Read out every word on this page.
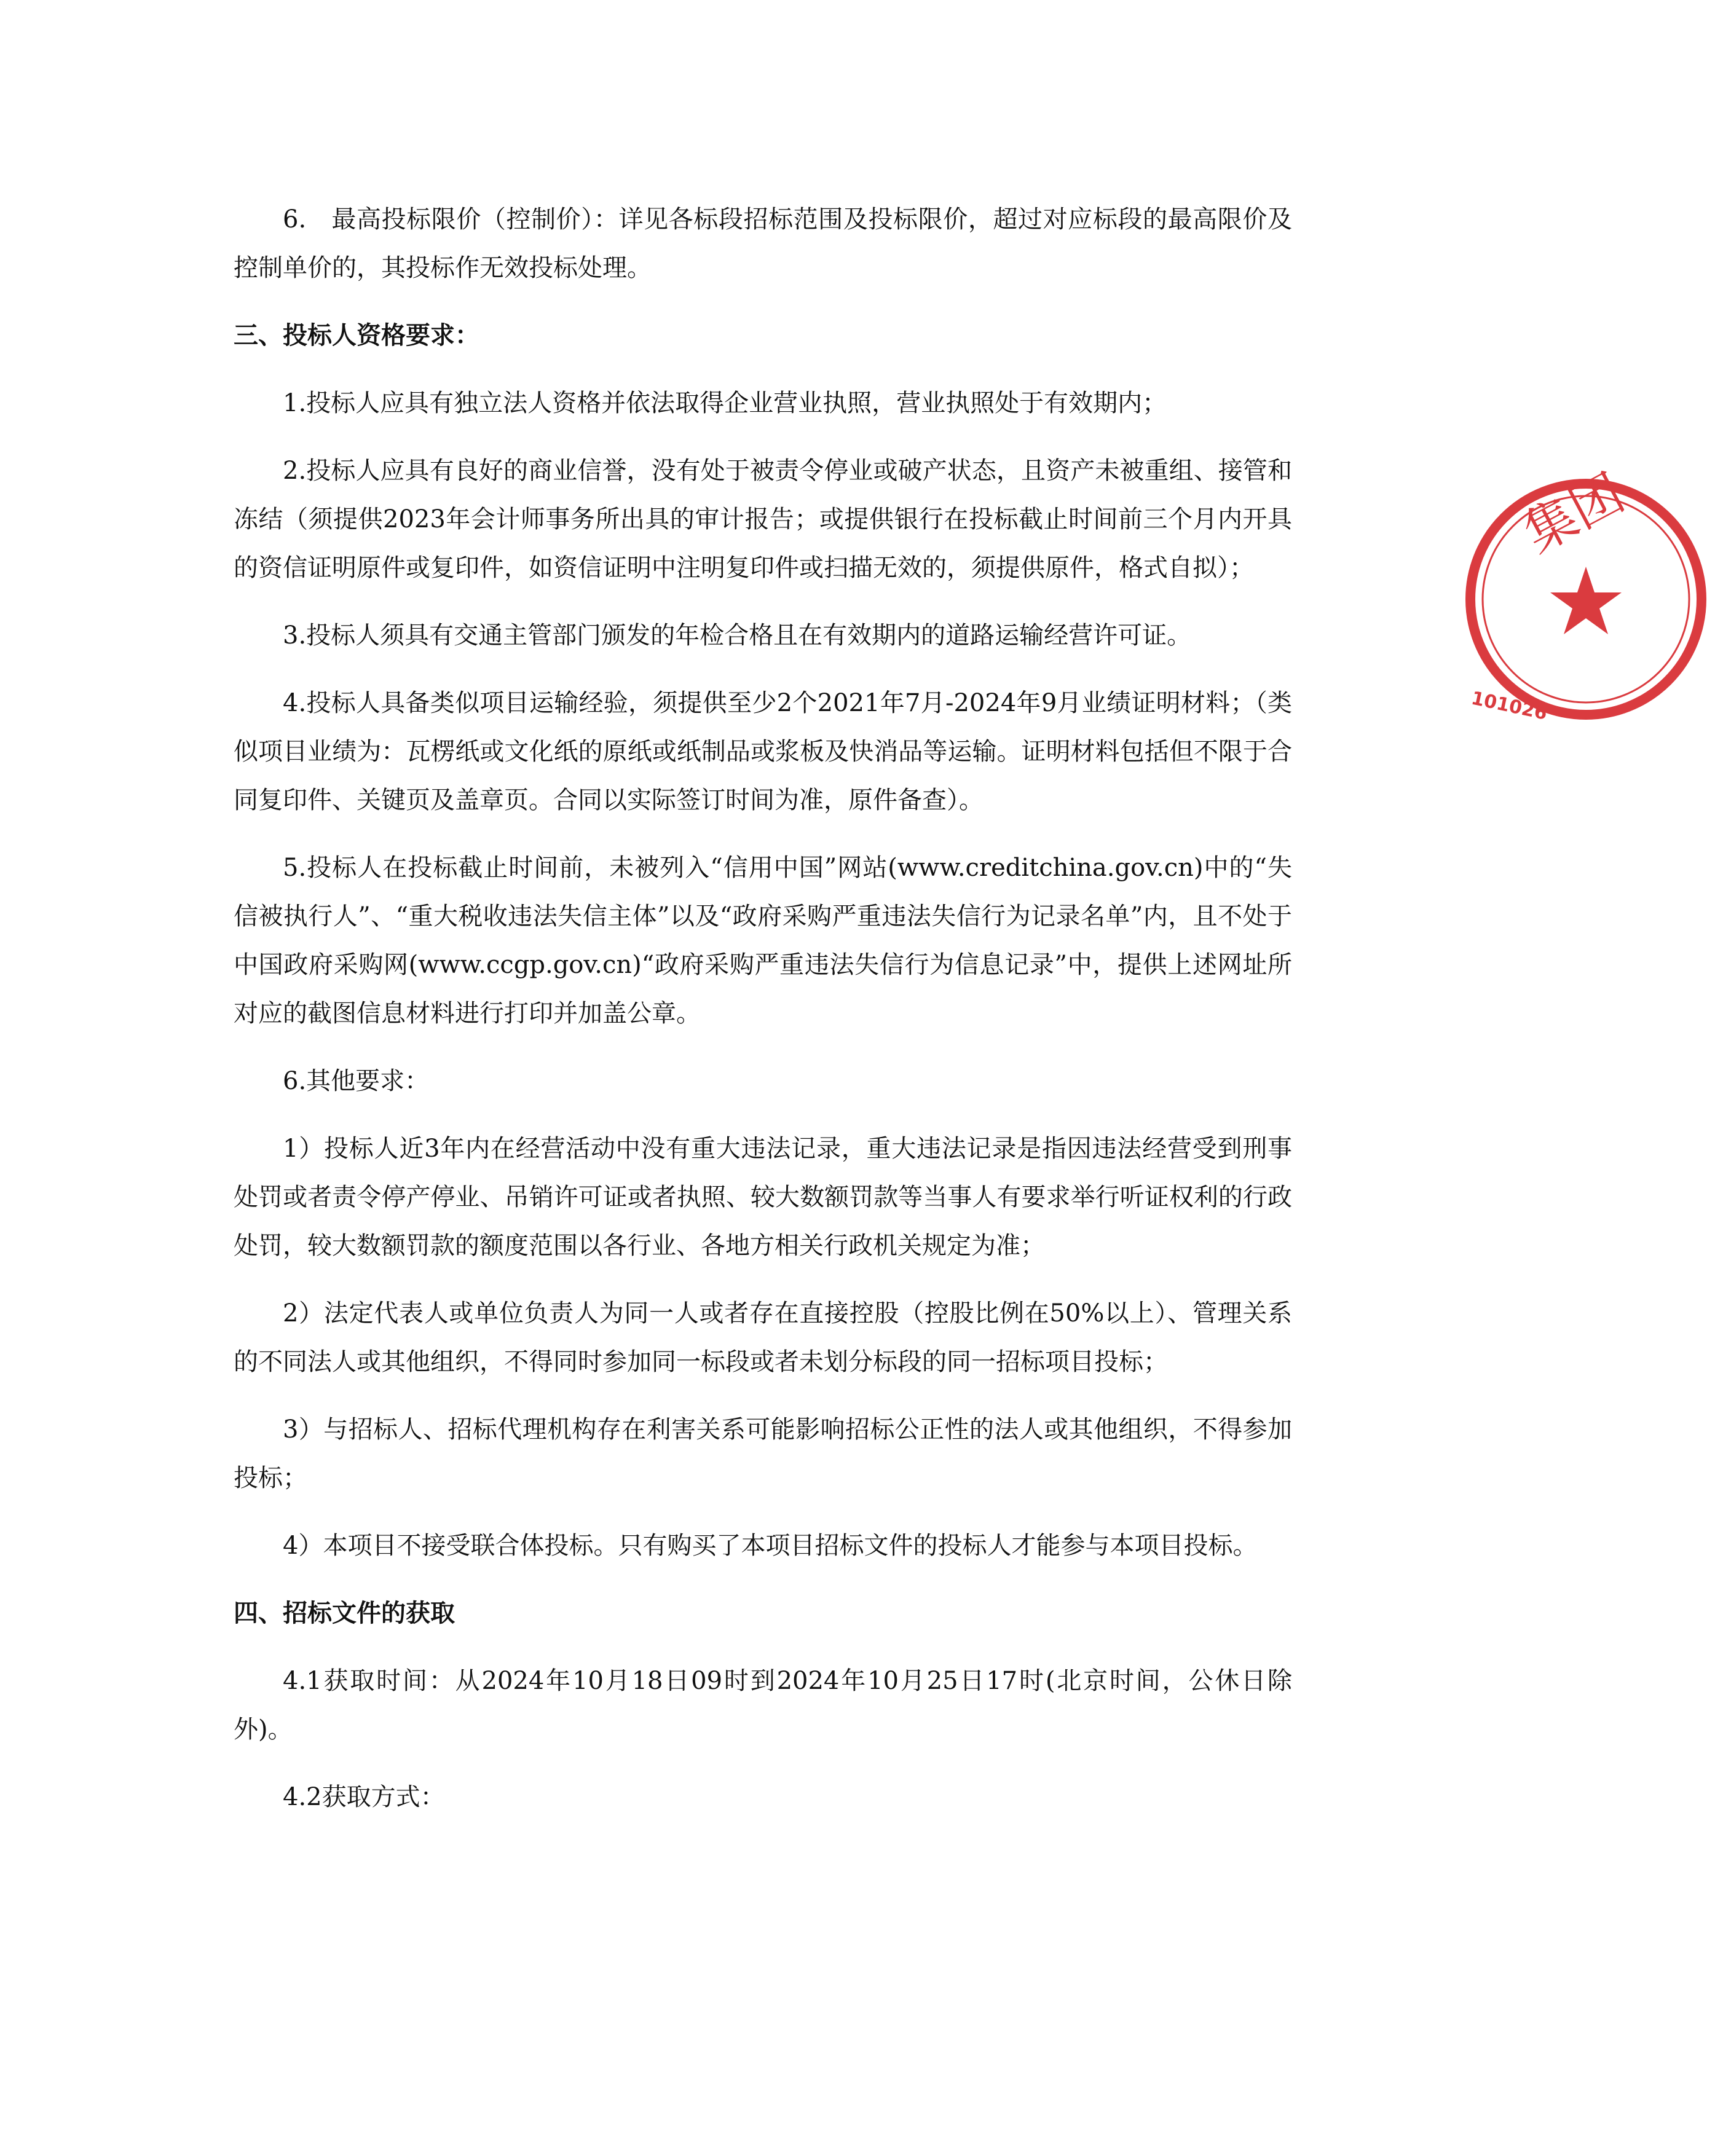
6.　最高投标限价（控制价）：详见各标段招标范围及投标限价，超过对应标段的最高限价及控制单价的，其投标作无效投标处理。

三、投标人资格要求：

1.投标人应具有独立法人资格并依法取得企业营业执照，营业执照处于有效期内；

2.投标人应具有良好的商业信誉，没有处于被责令停业或破产状态，且资产未被重组、接管和冻结（须提供2023年会计师事务所出具的审计报告；或提供银行在投标截止时间前三个月内开具的资信证明原件或复印件，如资信证明中注明复印件或扫描无效的，须提供原件，格式自拟）；

3.投标人须具有交通主管部门颁发的年检合格且在有效期内的道路运输经营许可证。

4.投标人具备类似项目运输经验，须提供至少2个2021年7月-2024年9月业绩证明材料；（类似项目业绩为：瓦楞纸或文化纸的原纸或纸制品或浆板及快消品等运输。证明材料包括但不限于合同复印件、关键页及盖章页。合同以实际签订时间为准，原件备查）。

5.投标人在投标截止时间前，未被列入“信用中国”网站(www.creditchina.gov.cn)中的“失信被执行人”、“重大税收违法失信主体”以及“政府采购严重违法失信行为记录名单”内，且不处于中国政府采购网(www.ccgp.gov.cn)“政府采购严重违法失信行为信息记录”中，提供上述网址所对应的截图信息材料进行打印并加盖公章。

6.其他要求：

1）投标人近3年内在经营活动中没有重大违法记录，重大违法记录是指因违法经营受到刑事处罚或者责令停产停业、吊销许可证或者执照、较大数额罚款等当事人有要求举行听证权利的行政处罚，较大数额罚款的额度范围以各行业、各地方相关行政机关规定为准；

2）法定代表人或单位负责人为同一人或者存在直接控股（控股比例在50%以上）、管理关系的不同法人或其他组织，不得同时参加同一标段或者未划分标段的同一招标项目投标；

3）与招标人、招标代理机构存在利害关系可能影响招标公正性的法人或其他组织，不得参加投标；

4）本项目不接受联合体投标。只有购买了本项目招标文件的投标人才能参与本项目投标。

四、招标文件的获取

4.1获取时间：从2024年10月18日09时到2024年10月25日17时(北京时间，公休日除外)。

4.2获取方式：

集团
101026
